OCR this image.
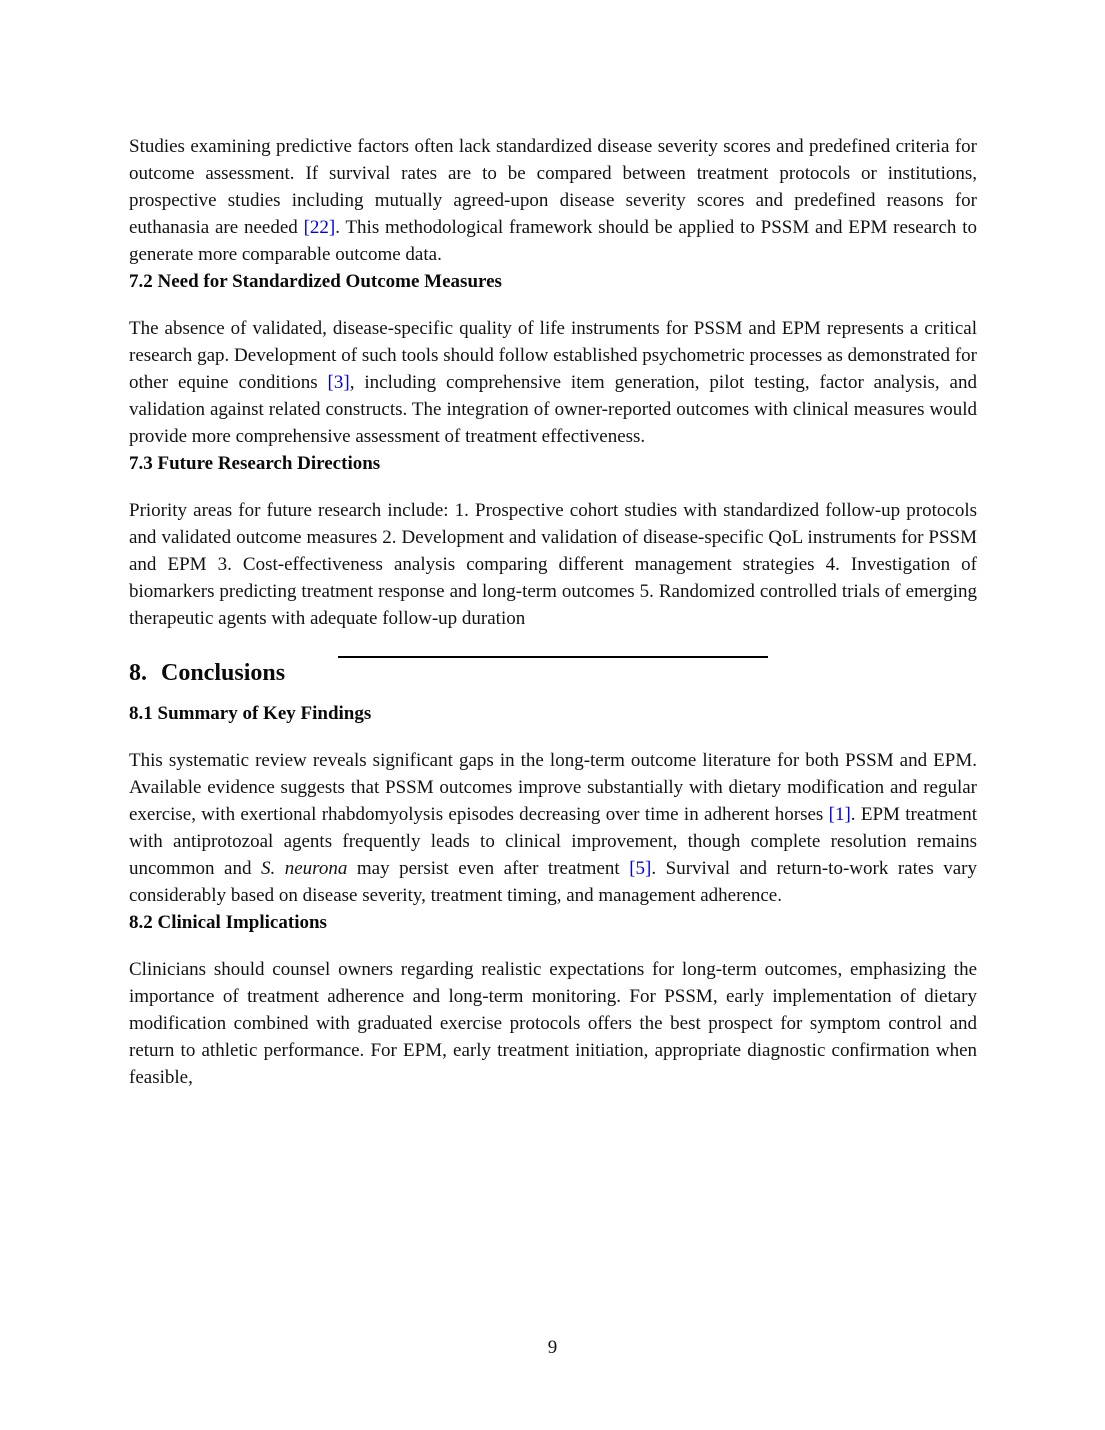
Studies examining predictive factors often lack standardized disease severity scores and predefined criteria for outcome assessment. If survival rates are to be compared between treatment protocols or institutions, prospective studies including mutually agreed-upon disease severity scores and predefined reasons for euthanasia are needed [22]. This methodological framework should be applied to PSSM and EPM research to generate more comparable outcome data.

7.2 Need for Standardized Outcome Measures

The absence of validated, disease-specific quality of life instruments for PSSM and EPM represents a critical research gap. Development of such tools should follow established psychometric processes as demonstrated for other equine conditions [3], including comprehensive item generation, pilot testing, factor analysis, and validation against related constructs. The integration of owner-reported outcomes with clinical measures would provide more comprehensive assessment of treatment effectiveness.

7.3 Future Research Directions

Priority areas for future research include: 1. Prospective cohort studies with standardized follow-up protocols and validated outcome measures 2. Development and validation of disease-specific QoL instruments for PSSM and EPM 3. Cost-effectiveness analysis comparing different management strategies 4. Investigation of biomarkers predicting treatment response and long-term outcomes 5. Randomized controlled trials of emerging therapeutic agents with adequate follow-up duration

8. Conclusions
8.1 Summary of Key Findings

This systematic review reveals significant gaps in the long-term outcome literature for both PSSM and EPM. Available evidence suggests that PSSM outcomes improve substantially with dietary modification and regular exercise, with exertional rhabdomyolysis episodes decreasing over time in adherent horses [1]. EPM treatment with antiprotozoal agents frequently leads to clinical improvement, though complete resolution remains uncommon and S. neurona may persist even after treatment [5]. Survival and return-to-work rates vary considerably based on disease severity, treatment timing, and management adherence.

8.2 Clinical Implications

Clinicians should counsel owners regarding realistic expectations for long-term outcomes, emphasizing the importance of treatment adherence and long-term monitoring. For PSSM, early implementation of dietary modification combined with graduated exercise protocols offers the best prospect for symptom control and return to athletic performance. For EPM, early treatment initiation, appropriate diagnostic confirmation when feasible,

9
